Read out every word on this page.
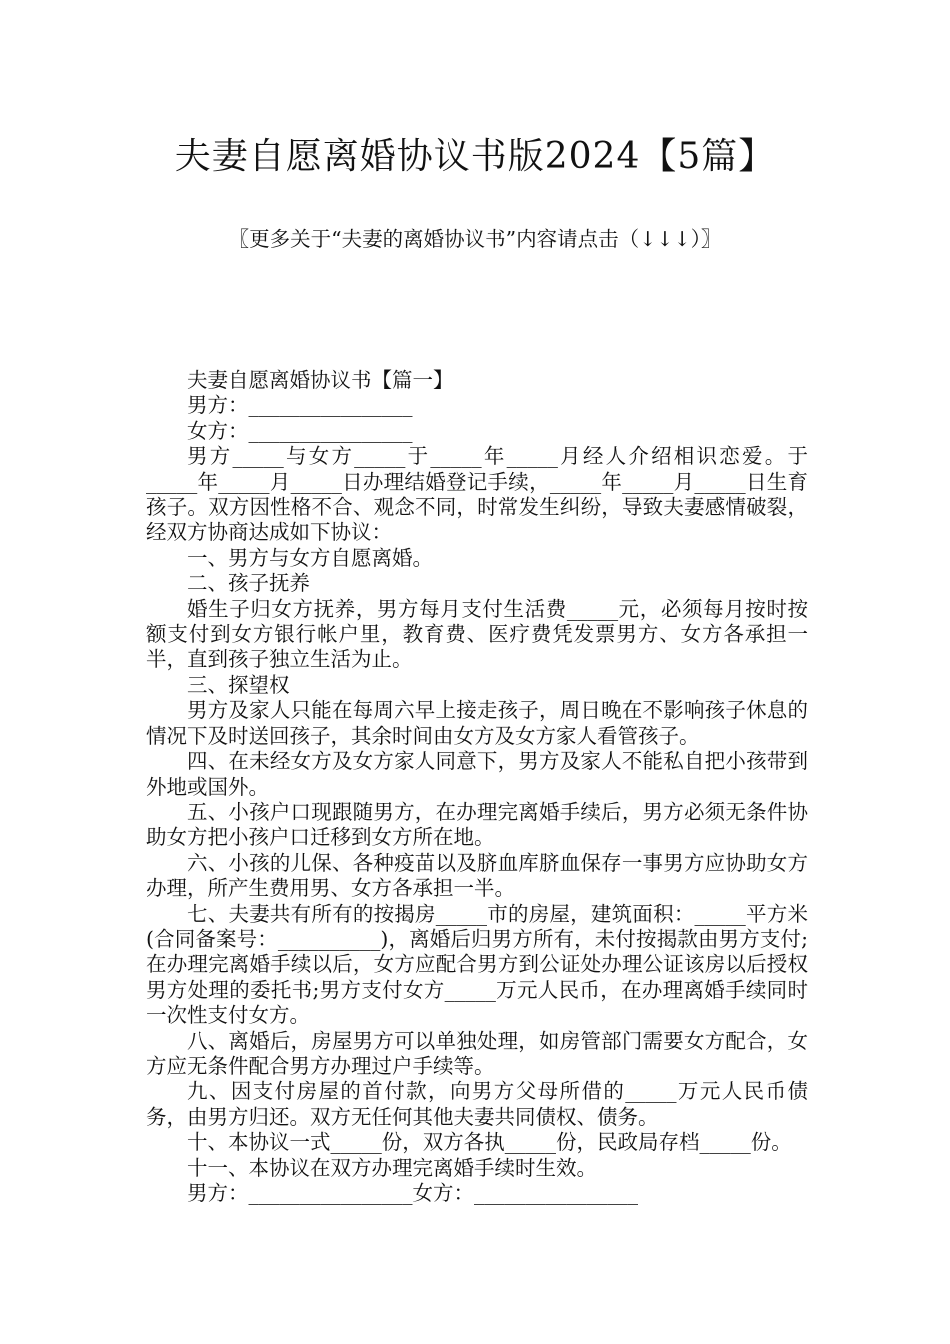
夫妻自愿离婚协议书版2024【5篇】
〖更多关于“夫妻的离婚协议书”内容请点击（↓↓↓）〗

夫妻自愿离婚协议书【篇一】

男方：________________

女方：________________

男方_____与女方_____于_____年_____月经人介绍相识恋爱。于_____年_____月_____日办理结婚登记手续，_____年_____月_____日生育孩子。双方因性格不合、观念不同，时常发生纠纷，导致夫妻感情破裂，经双方协商达成如下协议：

一、男方与女方自愿离婚。

二、孩子抚养

婚生子归女方抚养，男方每月支付生活费_____元，必须每月按时按额支付到女方银行帐户里，教育费、医疗费凭发票男方、女方各承担一半，直到孩子独立生活为止。

三、探望权

男方及家人只能在每周六早上接走孩子，周日晚在不影响孩子休息的情况下及时送回孩子，其余时间由女方及女方家人看管孩子。

四、在未经女方及女方家人同意下，男方及家人不能私自把小孩带到外地或国外。

五、小孩户口现跟随男方，在办理完离婚手续后，男方必须无条件协助女方把小孩户口迁移到女方所在地。

六、小孩的儿保、各种疫苗以及脐血库脐血保存一事男方应协助女方办理，所产生费用男、女方各承担一半。

七、夫妻共有所有的按揭房_____市的房屋，建筑面积：_____平方米(合同备案号：__________)，离婚后归男方所有，未付按揭款由男方支付;在办理完离婚手续以后，女方应配合男方到公证处办理公证该房以后授权男方处理的委托书;男方支付女方_____万元人民币，在办理离婚手续同时一次性支付女方。

八、离婚后，房屋男方可以单独处理，如房管部门需要女方配合，女方应无条件配合男方办理过户手续等。

九、因支付房屋的首付款，向男方父母所借的_____万元人民币债务，由男方归还。双方无任何其他夫妻共同债权、债务。

十、本协议一式_____份，双方各执_____份，民政局存档_____份。

十一、本协议在双方办理完离婚手续时生效。

男方：________________女方：________________
